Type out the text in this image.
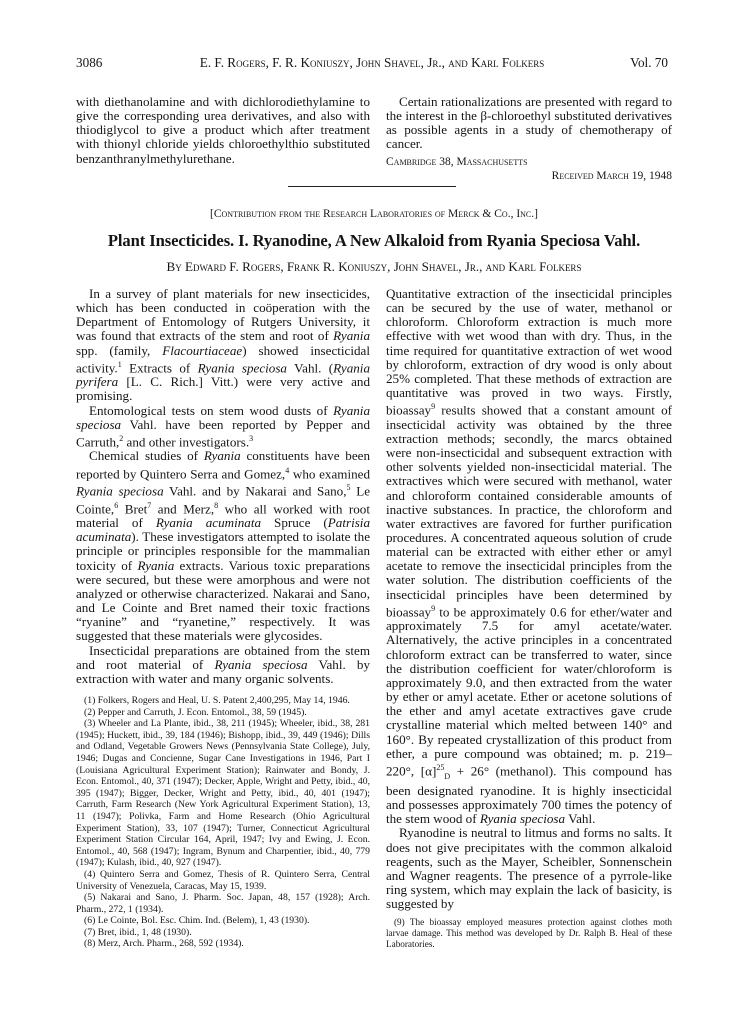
3086	E. F. Rogers, F. R. Koniuszy, John Shavel, Jr., and Karl Folkers	Vol. 70

with diethanolamine and with dichlorodiethylamine to give the corresponding urea derivatives, and also with thiodiglycol to give a product which after treatment with thionyl chloride yields chloroethylthio substituted benzanthranylmethylurethane.

Certain rationalizations are presented with regard to the interest in the β-chloroethyl substituted derivatives as possible agents in a study of chemotherapy of cancer.

Cambridge 38, Massachusetts
Received March 19, 1948
[Contribution from the Research Laboratories of Merck & Co., Inc.]
Plant Insecticides. I. Ryanodine, A New Alkaloid from Ryania Speciosa Vahl.
By Edward F. Rogers, Frank R. Koniuszy, John Shavel, Jr., and Karl Folkers

In a survey of plant materials for new insecticides, which has been conducted in coöperation with the Department of Entomology of Rutgers University, it was found that extracts of the stem and root of Ryania spp. (family, Flacourtiaceae) showed insecticidal activity.$^1$ Extracts of Ryania speciosa Vahl. (Ryania pyrifera [L. C. Rich.] Vitt.) were very active and promising.

Entomological tests on stem wood dusts of Ryania speciosa Vahl. have been reported by Pepper and Carruth,$^2$ and other investigators.$^3$

Chemical studies of Ryania constituents have been reported by Quintero Serra and Gomez,$^4$ who examined Ryania speciosa Vahl. and by Nakarai and Sano,$^5$ Le Cointe,$^6$ Bret$^7$ and Merz,$^8$ who all worked with root material of Ryania acuminata Spruce (Patrisia acuminata). These investigators attempted to isolate the principle or principles responsible for the mammalian toxicity of Ryania extracts. Various toxic preparations were secured, but these were amorphous and were not analyzed or otherwise characterized. Nakarai and Sano, and Le Cointe and Bret named their toxic fractions “ryanine” and “ryanetine,” respectively. It was suggested that these materials were glycosides.

Insecticidal preparations are obtained from the stem and root material of Ryania speciosa Vahl. by extraction with water and many organic solvents.

(1) Folkers, Rogers and Heal, U. S. Patent 2,400,295, May 14, 1946.

(2) Pepper and Carruth, J. Econ. Entomol., 38, 59 (1945).

(3) Wheeler and La Plante, ibid., 38, 211 (1945); Wheeler, ibid., 38, 281 (1945); Huckett, ibid., 39, 184 (1946); Bishopp, ibid., 39, 449 (1946); Dills and Odland, Vegetable Growers News (Pennsylvania State College), July, 1946; Dugas and Concienne, Sugar Cane Investigations in 1946, Part I (Louisiana Agricultural Experiment Station); Rainwater and Bondy, J. Econ. Entomol., 40, 371 (1947); Decker, Apple, Wright and Petty, ibid., 40, 395 (1947); Bigger, Decker, Wright and Petty, ibid., 40, 401 (1947); Carruth, Farm Research (New York Agricultural Experiment Station), 13, 11 (1947); Polivka, Farm and Home Research (Ohio Agricultural Experiment Station), 33, 107 (1947); Turner, Connecticut Agricultural Experiment Station Circular 164, April, 1947; Ivy and Ewing, J. Econ. Entomol., 40, 568 (1947); Ingram, Bynum and Charpentier, ibid., 40, 779 (1947); Kulash, ibid., 40, 927 (1947).

(4) Quintero Serra and Gomez, Thesis of R. Quintero Serra, Central University of Venezuela, Caracas, May 15, 1939.

(5) Nakarai and Sano, J. Pharm. Soc. Japan, 48, 157 (1928); Arch. Pharm., 272, 1 (1934).

(6) Le Cointe, Bol. Esc. Chim. Ind. (Belem), 1, 43 (1930).

(7) Bret, ibid., 1, 48 (1930).

(8) Merz, Arch. Pharm., 268, 592 (1934).

Quantitative extraction of the insecticidal principles can be secured by the use of water, methanol or chloroform. Chloroform extraction is much more effective with wet wood than with dry. Thus, in the time required for quantitative extraction of wet wood by chloroform, extraction of dry wood is only about 25% completed. That these methods of extraction are quantitative was proved in two ways. Firstly, bioassay$^9$ results showed that a constant amount of insecticidal activity was obtained by the three extraction methods; secondly, the marcs obtained were non-insecticidal and subsequent extraction with other solvents yielded non-insecticidal material. The extractives which were secured with methanol, water and chloroform contained considerable amounts of inactive substances. In practice, the chloroform and water extractives are favored for further purification procedures. A concentrated aqueous solution of crude material can be extracted with either ether or amyl acetate to remove the insecticidal principles from the water solution. The distribution coefficients of the insecticidal principles have been determined by bioassay$^9$ to be approximately 0.6 for ether/water and approximately 7.5 for amyl acetate/water. Alternatively, the active principles in a concentrated chloroform extract can be transferred to water, since the distribution coefficient for water/chloroform is approximately 9.0, and then extracted from the water by ether or amyl acetate. Ether or acetone solutions of the ether and amyl acetate extractives gave crude crystalline material which melted between 140° and 160°. By repeated crystallization of this product from ether, a pure compound was obtained; m. p. 219–220°, $[\alpha]^{25}_D + 26^\circ$ (methanol). This compound has been designated ryanodine. It is highly insecticidal and possesses approximately 700 times the potency of the stem wood of Ryania speciosa Vahl.

Ryanodine is neutral to litmus and forms no salts. It does not give precipitates with the common alkaloid reagents, such as the Mayer, Scheibler, Sonnenschein and Wagner reagents. The presence of a pyrrole-like ring system, which may explain the lack of basicity, is suggested by

(9) The bioassay employed measures protection against clothes moth larvae damage. This method was developed by Dr. Ralph B. Heal of these Laboratories.
